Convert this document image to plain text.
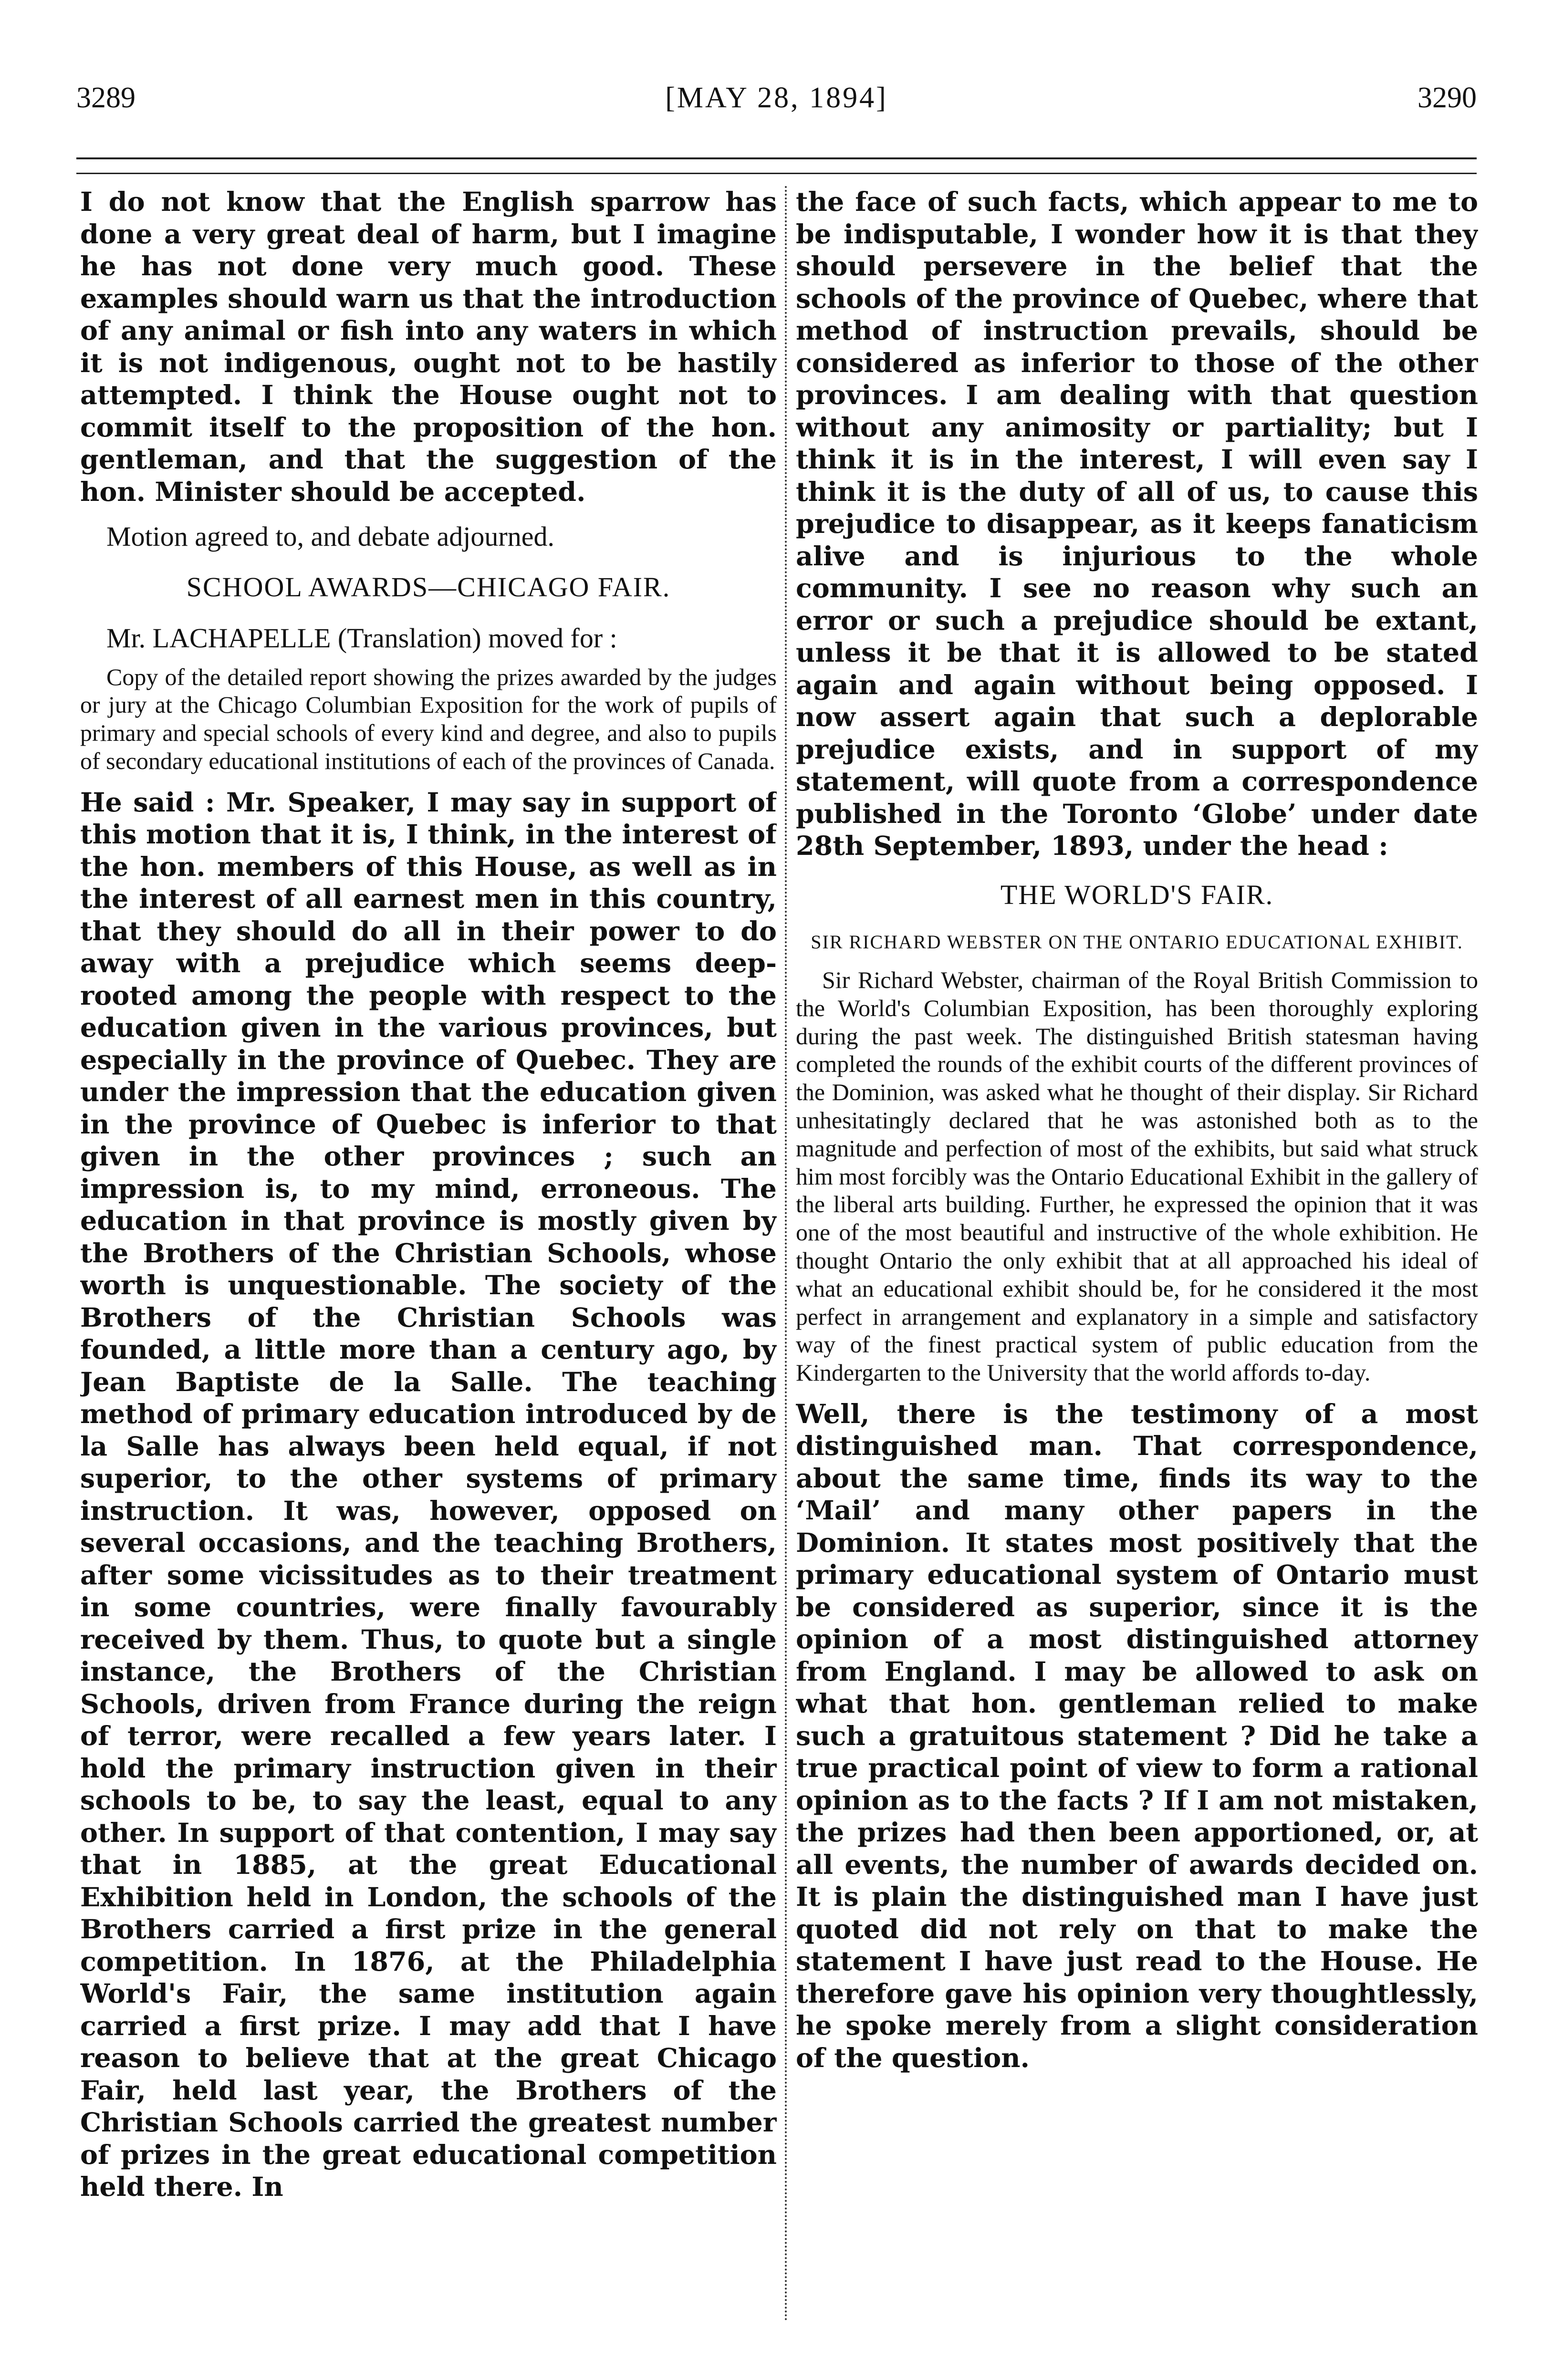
3289	[MAY 28, 1894]	3290

I do not know that the English sparrow has done a very great deal of harm, but I imagine he has not done very much good. These examples should warn us that the introduction of any animal or fish into any waters in which it is not indigenous, ought not to be hastily attempted. I think the House ought not to commit itself to the proposition of the hon. gentleman, and that the suggestion of the hon. Minister should be accepted.

Motion agreed to, and debate adjourned.

SCHOOL AWARDS—CHICAGO FAIR.

Mr. LACHAPELLE (Translation) moved for :

Copy of the detailed report showing the prizes awarded by the judges or jury at the Chicago Columbian Exposition for the work of pupils of primary and special schools of every kind and degree, and also to pupils of secondary educational institutions of each of the provinces of Canada.

He said : Mr. Speaker, I may say in support of this motion that it is, I think, in the interest of the hon. members of this House, as well as in the interest of all earnest men in this country, that they should do all in their power to do away with a prejudice which seems deep-rooted among the people with respect to the education given in the various provinces, but especially in the province of Quebec. They are under the impression that the education given in the province of Quebec is inferior to that given in the other provinces ; such an impression is, to my mind, erroneous. The education in that province is mostly given by the Brothers of the Christian Schools, whose worth is unquestionable. The society of the Brothers of the Christian Schools was founded, a little more than a century ago, by Jean Baptiste de la Salle. The teaching method of primary education introduced by de la Salle has always been held equal, if not superior, to the other systems of primary instruction. It was, however, opposed on several occasions, and the teaching Brothers, after some vicissitudes as to their treatment in some countries, were finally favourably received by them. Thus, to quote but a single instance, the Brothers of the Christian Schools, driven from France during the reign of terror, were recalled a few years later. I hold the primary instruction given in their schools to be, to say the least, equal to any other. In support of that contention, I may say that in 1885, at the great Educational Exhibition held in London, the schools of the Brothers carried a first prize in the general competition. In 1876, at the Philadelphia World's Fair, the same institution again carried a first prize. I may add that I have reason to believe that at the great Chicago Fair, held last year, the Brothers of the Christian Schools carried the greatest number of prizes in the great educational competition held there. In

the face of such facts, which appear to me to be indisputable, I wonder how it is that they should persevere in the belief that the schools of the province of Quebec, where that method of instruction prevails, should be considered as inferior to those of the other provinces. I am dealing with that question without any animosity or partiality; but I think it is in the interest, I will even say I think it is the duty of all of us, to cause this prejudice to disappear, as it keeps fanaticism alive and is injurious to the whole community. I see no reason why such an error or such a prejudice should be extant, unless it be that it is allowed to be stated again and again without being opposed. I now assert again that such a deplorable prejudice exists, and in support of my statement, will quote from a correspondence published in the Toronto ‘Globe’ under date 28th September, 1893, under the head :

THE WORLD'S FAIR.

SIR RICHARD WEBSTER ON THE ONTARIO EDUCATIONAL EXHIBIT.

Sir Richard Webster, chairman of the Royal British Commission to the World's Columbian Exposition, has been thoroughly exploring during the past week. The distinguished British statesman having completed the rounds of the exhibit courts of the different provinces of the Dominion, was asked what he thought of their display. Sir Richard unhesitatingly declared that he was astonished both as to the magnitude and perfection of most of the exhibits, but said what struck him most forcibly was the Ontario Educational Exhibit in the gallery of the liberal arts building. Further, he expressed the opinion that it was one of the most beautiful and instructive of the whole exhibition. He thought Ontario the only exhibit that at all approached his ideal of what an educational exhibit should be, for he considered it the most perfect in arrangement and explanatory in a simple and satisfactory way of the finest practical system of public education from the Kindergarten to the University that the world affords to-day.

Well, there is the testimony of a most distinguished man. That correspondence, about the same time, finds its way to the ‘Mail’ and many other papers in the Dominion. It states most positively that the primary educational system of Ontario must be considered as superior, since it is the opinion of a most distinguished attorney from England. I may be allowed to ask on what that hon. gentleman relied to make such a gratuitous statement ? Did he take a true practical point of view to form a rational opinion as to the facts ? If I am not mistaken, the prizes had then been apportioned, or, at all events, the number of awards decided on. It is plain the distinguished man I have just quoted did not rely on that to make the statement I have just read to the House. He therefore gave his opinion very thoughtlessly, he spoke merely from a slight consideration of the question.
